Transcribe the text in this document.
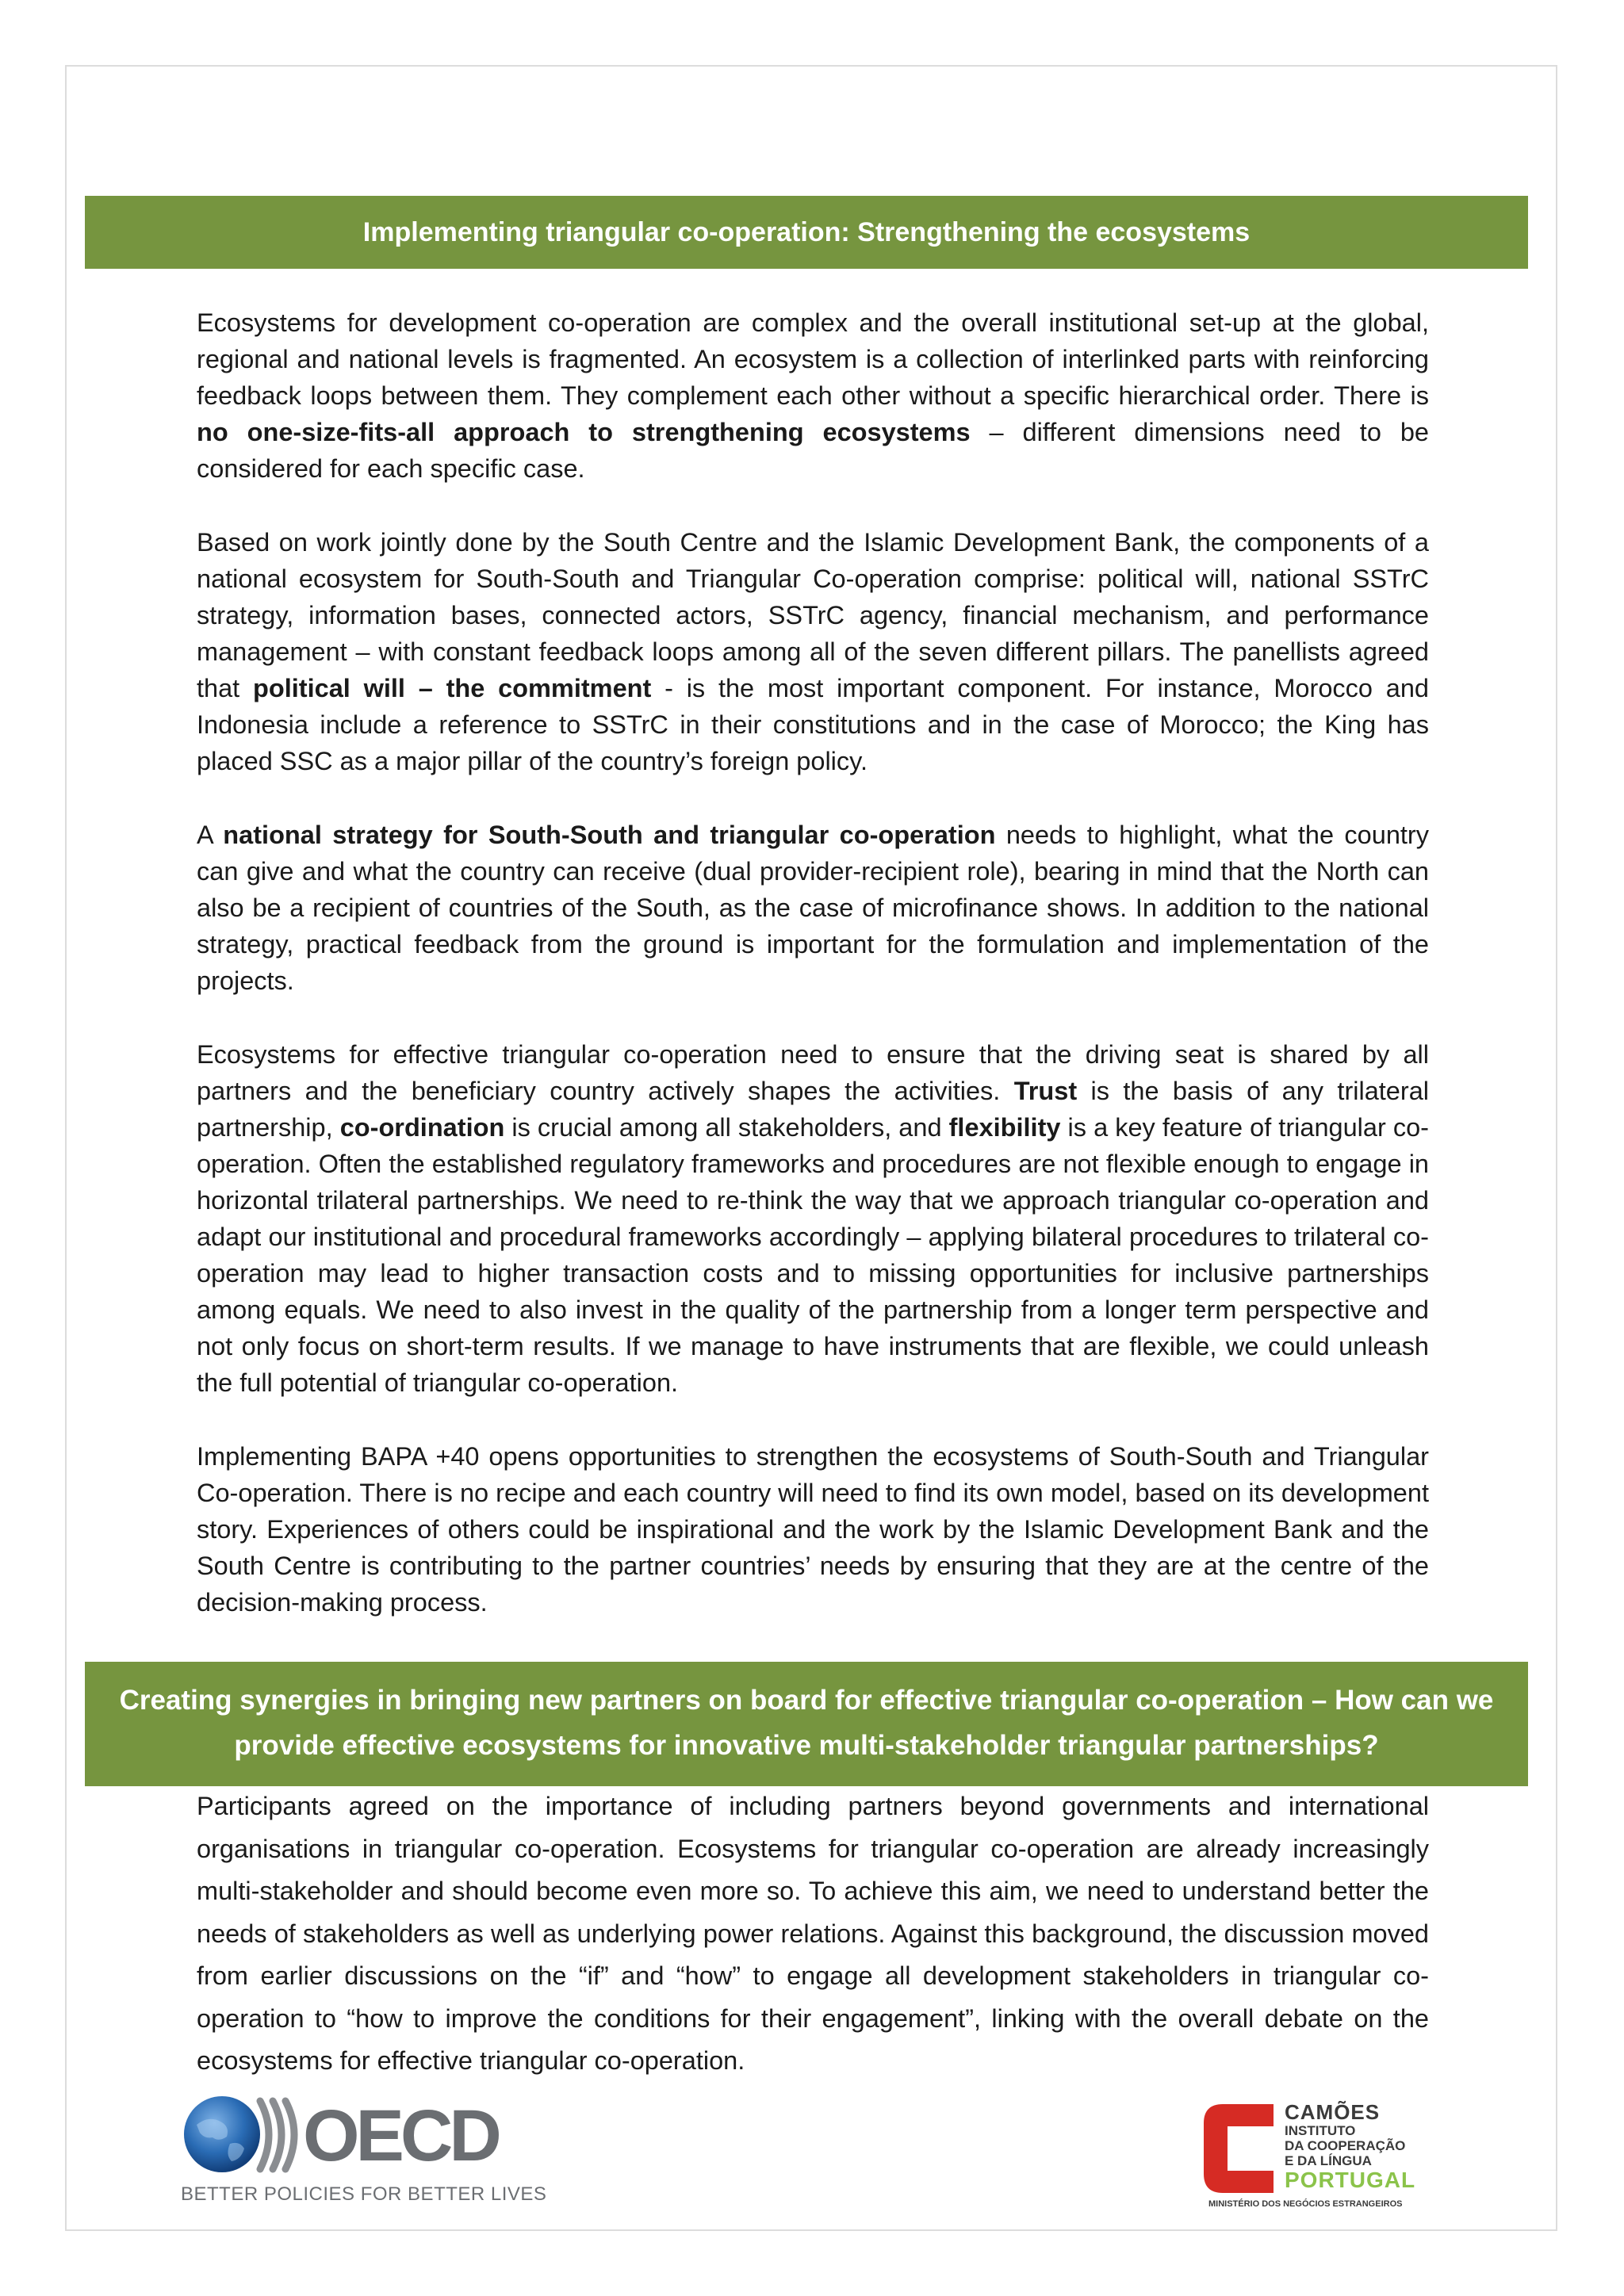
Implementing triangular co-operation: Strengthening the ecosystems

Ecosystems for development co-operation are complex and the overall institutional set-up at the global, regional and national levels is fragmented. An ecosystem is a collection of interlinked parts with reinforcing feedback loops between them. They complement each other without a specific hierarchical order. There is no one-size-fits-all approach to strengthening ecosystems – different dimensions need to be considered for each specific case.

Based on work jointly done by the South Centre and the Islamic Development Bank, the components of a national ecosystem for South-South and Triangular Co-operation comprise: political will, national SSTrC strategy, information bases, connected actors, SSTrC agency, financial mechanism, and performance management – with constant feedback loops among all of the seven different pillars. The panellists agreed that political will – the commitment - is the most important component. For instance, Morocco and Indonesia include a reference to SSTrC in their constitutions and in the case of Morocco; the King has placed SSC as a major pillar of the country’s foreign policy.

A national strategy for South-South and triangular co-operation needs to highlight, what the country can give and what the country can receive (dual provider-recipient role), bearing in mind that the North can also be a recipient of countries of the South, as the case of microfinance shows. In addition to the national strategy, practical feedback from the ground is important for the formulation and implementation of the projects.

Ecosystems for effective triangular co-operation need to ensure that the driving seat is shared by all partners and the beneficiary country actively shapes the activities. Trust is the basis of any trilateral partnership, co-ordination is crucial among all stakeholders, and flexibility is a key feature of triangular co-operation. Often the established regulatory frameworks and procedures are not flexible enough to engage in horizontal trilateral partnerships. We need to re-think the way that we approach triangular co-operation and adapt our institutional and procedural frameworks accordingly – applying bilateral procedures to trilateral co-operation may lead to higher transaction costs and to missing opportunities for inclusive partnerships among equals. We need to also invest in the quality of the partnership from a longer term perspective and not only focus on short-term results. If we manage to have instruments that are flexible, we could unleash the full potential of triangular co-operation.

Implementing BAPA +40 opens opportunities to strengthen the ecosystems of South-South and Triangular Co-operation. There is no recipe and each country will need to find its own model, based on its development story. Experiences of others could be inspirational and the work by the Islamic Development Bank and the South Centre is contributing to the partner countries’ needs by ensuring that they are at the centre of the decision-making process.

Creating synergies in bringing new partners on board for effective triangular co-operation – How can we provide effective ecosystems for innovative multi-stakeholder triangular partnerships?

Participants agreed on the importance of including partners beyond governments and international organisations in triangular co-operation. Ecosystems for triangular co-operation are already increasingly multi-stakeholder and should become even more so. To achieve this aim, we need to understand better the needs of stakeholders as well as underlying power relations. Against this background, the discussion moved from earlier discussions on the “if” and “how” to engage all development stakeholders in triangular co-operation to “how to improve the conditions for their engagement”, linking with the overall debate on the ecosystems for effective triangular co-operation.

OECD
BETTER POLICIES FOR BETTER LIVES
CAMÕES
INSTITUTO
DA COOPERAÇÃO
E DA LÍNGUA
PORTUGAL
MINISTÉRIO DOS NEGÓCIOS ESTRANGEIROS
